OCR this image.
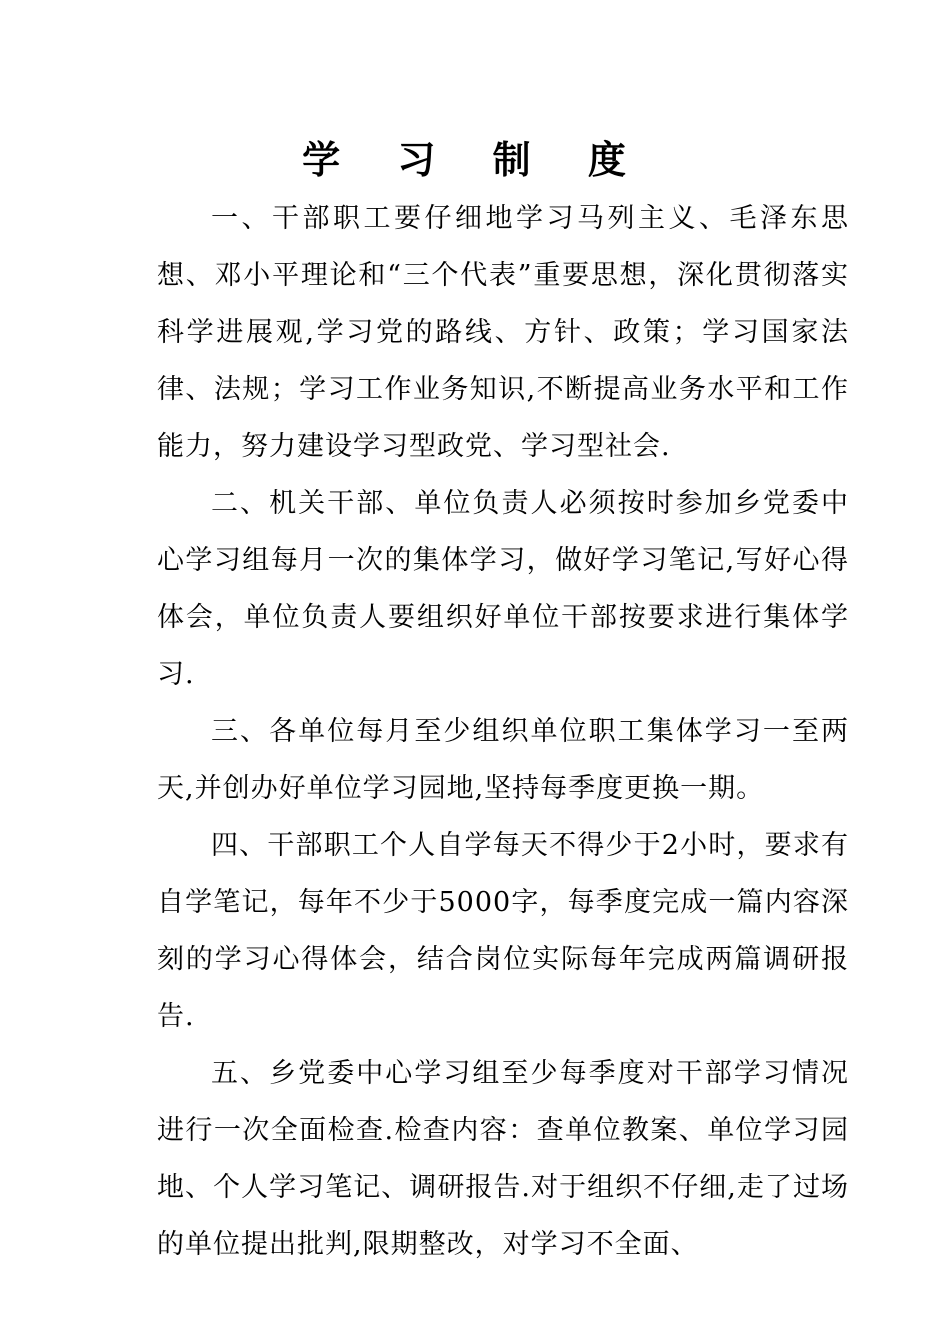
学 习 制 度

一、干部职工要仔细地学习马列主义、毛泽东思想、邓小平理论和“三个代表”重要思想，深化贯彻落实科学进展观,学习党的路线、方针、政策；学习国家法律、法规；学习工作业务知识,不断提高业务水平和工作能力，努力建设学习型政党、学习型社会.

二、机关干部、单位负责人必须按时参加乡党委中心学习组每月一次的集体学习，做好学习笔记,写好心得体会，单位负责人要组织好单位干部按要求进行集体学习.

三、各单位每月至少组织单位职工集体学习一至两天,并创办好单位学习园地,坚持每季度更换一期。

四、干部职工个人自学每天不得少于2小时，要求有自学笔记，每年不少于5000字，每季度完成一篇内容深刻的学习心得体会，结合岗位实际每年完成两篇调研报告.

五、乡党委中心学习组至少每季度对干部学习情况进行一次全面检查.检查内容：查单位教案、单位学习园地、个人学习笔记、调研报告.对于组织不仔细,走了过场的单位提出批判,限期整改，对学习不全面、
